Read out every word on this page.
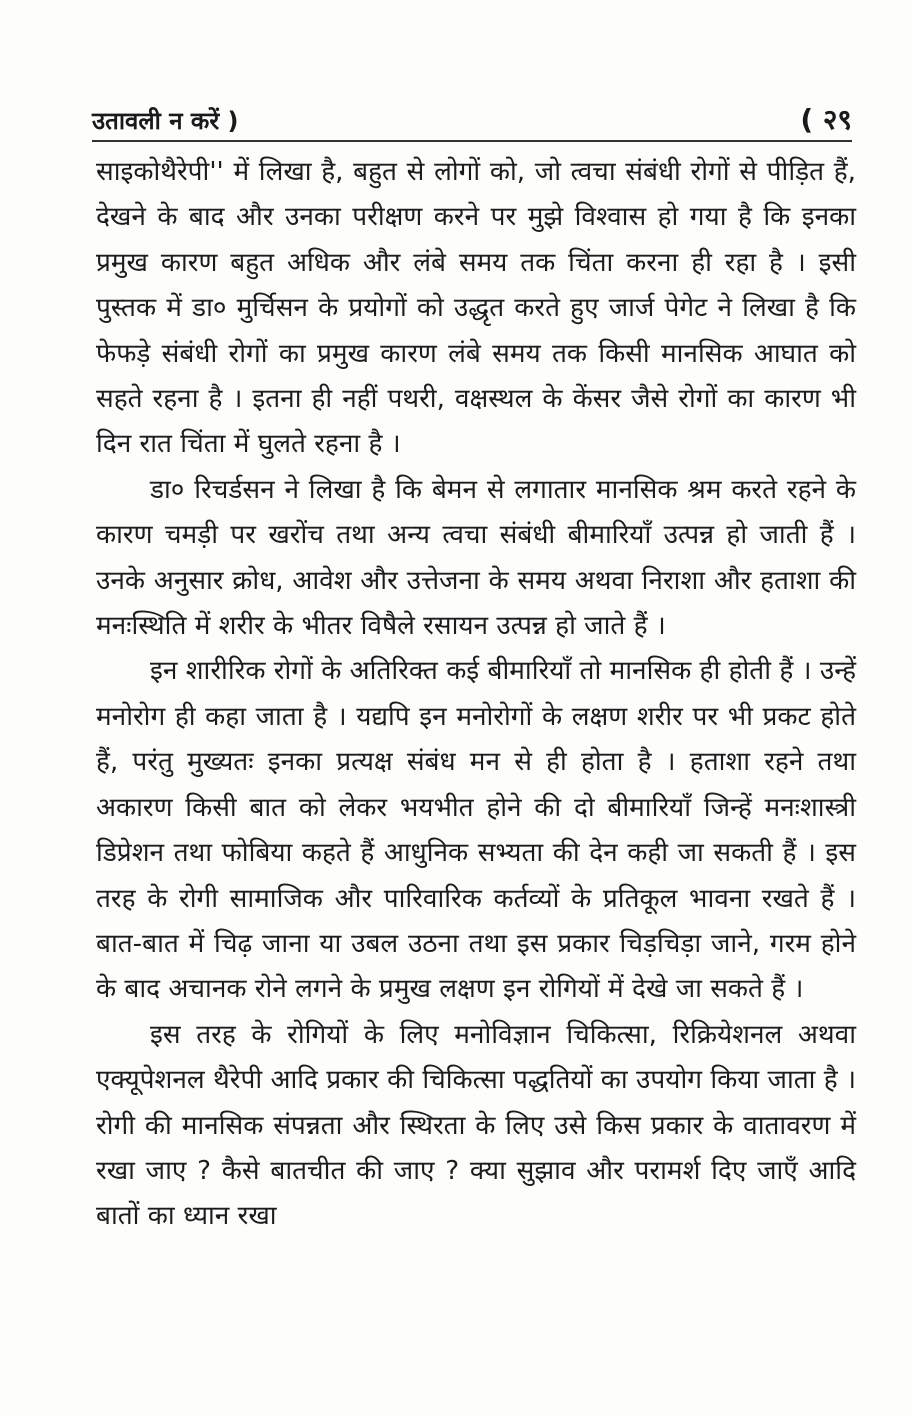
उतावली न करें )	( २९

साइकोथैरेपी'' में लिखा है, बहुत से लोगों को, जो त्वचा संबंधी रोगों से पीड़ित हैं, देखने के बाद और उनका परीक्षण करने पर मुझे विश्वास हो गया है कि इनका प्रमुख कारण बहुत अधिक और लंबे समय तक चिंता करना ही रहा है । इसी पुस्तक में डा० मुर्चिसन के प्रयोगों को उद्धृत करते हुए जार्ज पेगेट ने लिखा है कि फेफड़े संबंधी रोगों का प्रमुख कारण लंबे समय तक किसी मानसिक आघात को सहते रहना है । इतना ही नहीं पथरी, वक्षस्थल के केंसर जैसे रोगों का कारण भी दिन रात चिंता में घुलते रहना है ।

डा० रिचर्डसन ने लिखा है कि बेमन से लगातार मानसिक श्रम करते रहने के कारण चमड़ी पर खरोंच तथा अन्य त्वचा संबंधी बीमारियाँ उत्पन्न हो जाती हैं । उनके अनुसार क्रोध, आवेश और उत्तेजना के समय अथवा निराशा और हताशा की मनःस्थिति में शरीर के भीतर विषैले रसायन उत्पन्न हो जाते हैं ।

इन शारीरिक रोगों के अतिरिक्त कई बीमारियाँ तो मानसिक ही होती हैं । उन्हें मनोरोग ही कहा जाता है । यद्यपि इन मनोरोगों के लक्षण शरीर पर भी प्रकट होते हैं, परंतु मुख्यतः इनका प्रत्यक्ष संबंध मन से ही होता है । हताशा रहने तथा अकारण किसी बात को लेकर भयभीत होने की दो बीमारियाँ जिन्हें मनःशास्त्री डिप्रेशन तथा फोबिया कहते हैं आधुनिक सभ्यता की देन कही जा सकती हैं । इस तरह के रोगी सामाजिक और पारिवारिक कर्तव्यों के प्रतिकूल भावना रखते हैं । बात-बात में चिढ़ जाना या उबल उठना तथा इस प्रकार चिड़चिड़ा जाने, गरम होने के बाद अचानक रोने लगने के प्रमुख लक्षण इन रोगियों में देखे जा सकते हैं ।

इस तरह के रोगियों के लिए मनोविज्ञान चिकित्सा, रिक्रियेशनल अथवा एक्यूपेशनल थैरेपी आदि प्रकार की चिकित्सा पद्धतियों का उपयोग किया जाता है । रोगी की मानसिक संपन्नता और स्थिरता के लिए उसे किस प्रकार के वातावरण में रखा जाए ? कैसे बातचीत की जाए ? क्या सुझाव और परामर्श दिए जाएँ आदि बातों का ध्यान रखा
